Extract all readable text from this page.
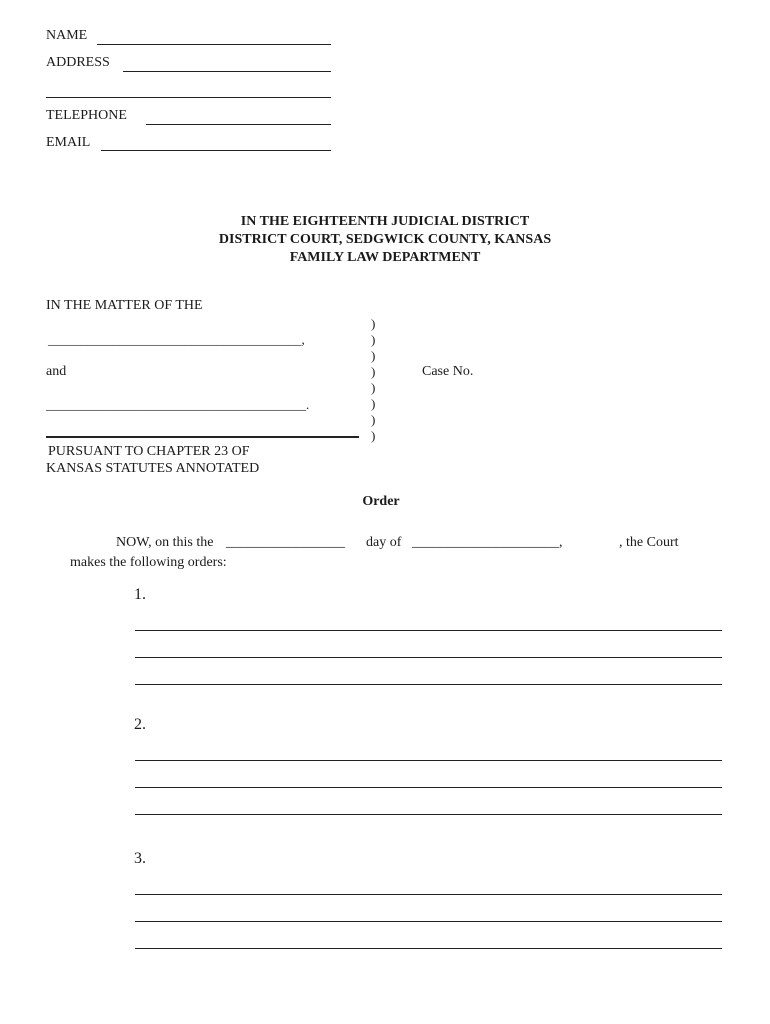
NAME
ADDRESS
TELEPHONE
EMAIL
IN THE EIGHTEENTH JUDICIAL DISTRICT
DISTRICT COURT, SEDGWICK COUNTY, KANSAS
FAMILY LAW DEPARTMENT
IN THE MATTER OF THE
_______________________________________,
and
________________________________________.
)
)
)
)
)
)
)
)
Case No.
PURSUANT TO CHAPTER 23 OF
KANSAS STATUTES ANNOTATED
Order
NOW, on this the _________________ day of _____________________,	, the Court
makes the following orders:
1.
2.
3.
